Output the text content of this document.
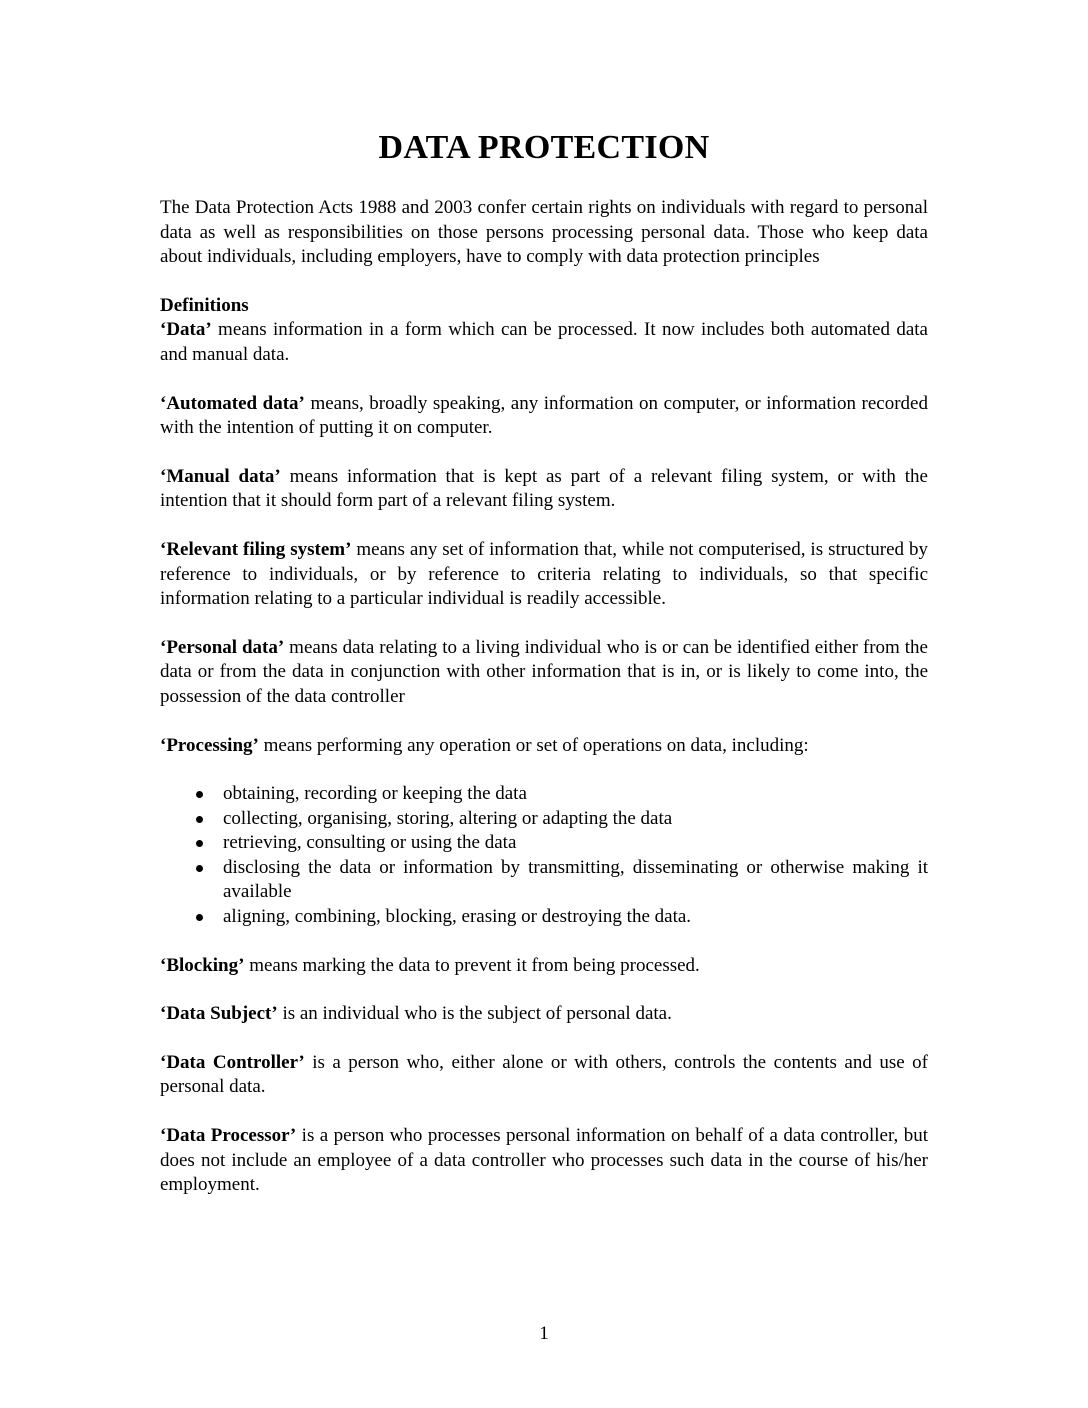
DATA PROTECTION

The Data Protection Acts 1988 and 2003 confer certain rights on individuals with regard to personal data as well as responsibilities on those persons processing personal data. Those who keep data about individuals, including employers, have to comply with data protection principles

Definitions

‘Data’ means information in a form which can be processed. It now includes both automated data and manual data.

‘Automated data’ means, broadly speaking, any information on computer, or information recorded with the intention of putting it on computer.

‘Manual data’ means information that is kept as part of a relevant filing system, or with the intention that it should form part of a relevant filing system.

‘Relevant filing system’ means any set of information that, while not computerised, is structured by reference to individuals, or by reference to criteria relating to individuals, so that specific information relating to a particular individual is readily accessible.

‘Personal data’ means data relating to a living individual who is or can be identified either from the data or from the data in conjunction with other information that is in, or is likely to come into, the possession of the data controller

‘Processing’ means performing any operation or set of operations on data, including:

obtaining, recording or keeping the data
collecting, organising, storing, altering or adapting the data
retrieving, consulting or using the data
disclosing the data or information by transmitting, disseminating or otherwise making it available
aligning, combining, blocking, erasing or destroying the data.

‘Blocking’ means marking the data to prevent it from being processed.

‘Data Subject’ is an individual who is the subject of personal data.

‘Data Controller’ is a person who, either alone or with others, controls the contents and use of personal data.

‘Data Processor’ is a person who processes personal information on behalf of a data controller, but does not include an employee of a data controller who processes such data in the course of his/her employment.

1
